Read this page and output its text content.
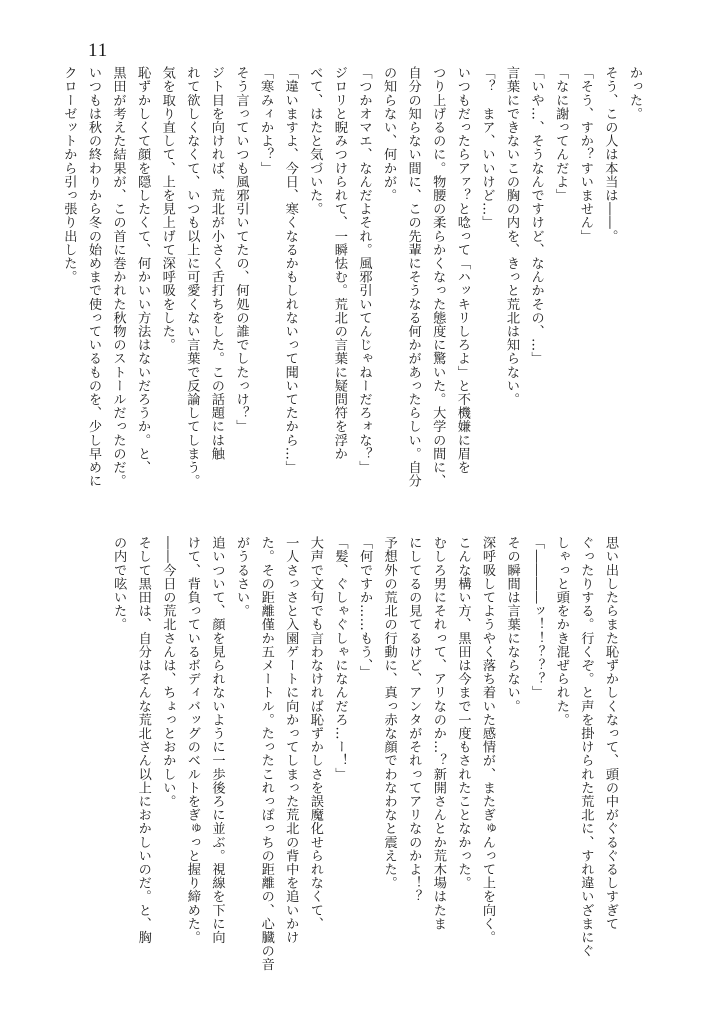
11
かった。
そう、この人は本当は――。
「そう、すか？すいません」
「なに謝ってんだよ」
「いや…、そうなんですけど、なんかその、…」
言葉にできないこの胸の内を、きっと荒北は知らない。
「？　まア、いいけど…」
いつもだったらアァ？と唸って「ハッキリしろよ」と不機嫌に眉を
つり上げるのに。物腰の柔らかくなった態度に驚いた。大学の間に、
自分の知らない間に、この先輩にそうなる何かがあったらしい。自分
の知らない、何かが。
「つかオマエ、なんだよそれ。風邪引いてんじゃねーだろォな？」
ジロリと睨みつけられて、一瞬怯む。荒北の言葉に疑問符を浮か
べて、はたと気づいた。
「違いますよ、今日、寒くなるかもしれないって聞いてたから…」
「寒みィかよ？」
そう言っていつも風邪引いてたの、何処の誰でしたっけ？」
ジト目を向ければ、荒北が小さく舌打ちをした。この話題には触
れて欲しくなくて、いつも以上に可愛くない言葉で反論してしまう。
気を取り直して、上を見上げて深呼吸をした。
恥ずかしくて顔を隠したくて、何かいい方法はないだろうか。と、
黒田が考えた結果が、この首に巻かれた秋物のストールだったのだ。
いつもは秋の終わりから冬の始めまで使っているものを、少し早めに
クローゼットから引っ張り出した。
思い出したらまた恥ずかしくなって、頭の中がぐるぐるしすぎて
ぐったりする。行くぞ。と声を掛けられた荒北に、すれ違いざまにぐ
しゃっと頭をかき混ぜられた。
「――――ッ！！？？？」
その瞬間は言葉にならない。
深呼吸してようやく落ち着いた感情が、またぎゅんって上を向く。
こんな構い方、黒田は今まで一度もされたことなかった。
むしろ男にそれって、アリなのか…？新開さんとか荒木場はたま
にしてるの見てるけど、アンタがそれってアリなのかよ！？
予想外の荒北の行動に、真っ赤な顔でわなわなと震えた。
「何ですか……もう、」
「髪、ぐしゃぐしゃになんだろ…ー！」
大声で文句でも言わなければ恥ずかしさを誤魔化せられなくて、
一人さっさと入園ゲートに向かってしまった荒北の背中を追いかけ
た。その距離僅か五メートル。たったこれっぽっちの距離の、心臓の音
がうるさい。
追いついて、顔を見られないように一歩後ろに並ぶ。視線を下に向
けて、背負っているボディバッグのベルトをぎゅっと握り締めた。
――今日の荒北さんは、ちょっとおかしい。
そして黒田は、自分はそんな荒北さん以上におかしいのだ。と、胸
の内で呟いた。
